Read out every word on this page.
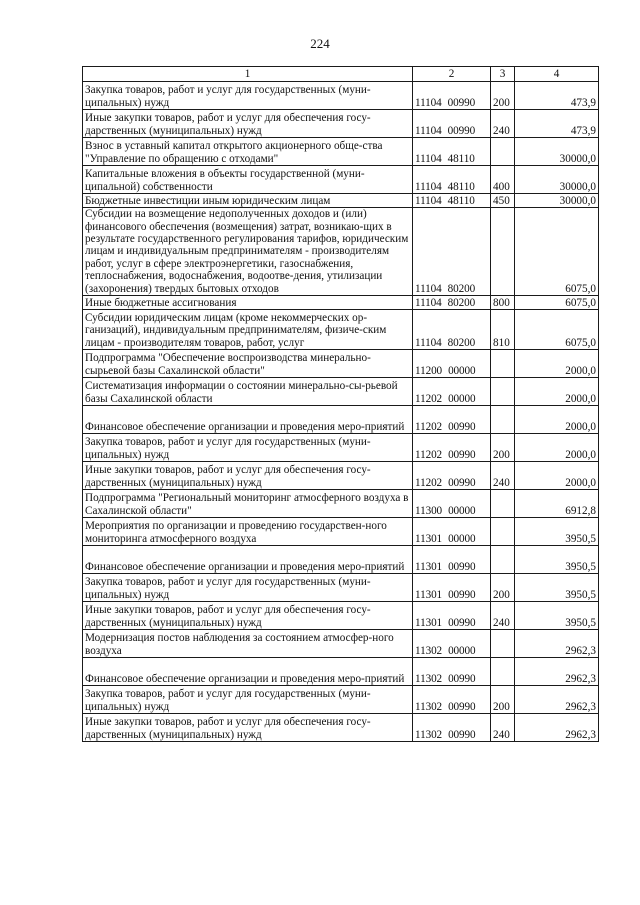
224
1	2	3	4
Закупка товаров, работ и услуг для государственных (муни-ципальных) нужд	11104 00990	200	473,9
Иные закупки товаров, работ и услуг для обеспечения госу-дарственных (муниципальных) нужд	11104 00990	240	473,9
Взнос в уставный капитал открытого акционерного обще-ства "Управление по обращению с отходами"	11104 48110		30000,0
Капитальные вложения в объекты государственной (муни-ципальной) собственности	11104 48110	400	30000,0
Бюджетные инвестиции иным юридическим лицам	11104 48110	450	30000,0
Субсидии на возмещение недополученных доходов и (или) финансового обеспечения (возмещения) затрат, возникаю-щих в результате государственного регулирования тарифов, юридическим лицам и индивидуальным предпринимателям - производителям работ, услуг в сфере электроэнергетики, газоснабжения, теплоснабжения, водоснабжения, водоотве-дения, утилизации (захоронения) твердых бытовых отходов	11104 80200		6075,0
Иные бюджетные ассигнования	11104 80200	800	6075,0
Субсидии юридическим лицам (кроме некоммерческих ор-ганизаций), индивидуальным предпринимателям, физиче-ским лицам - производителям товаров, работ, услуг	11104 80200	810	6075,0
Подпрограмма "Обеспечение воспроизводства минерально-сырьевой базы Сахалинской области"	11200 00000		2000,0
Систематизация информации о состоянии минерально-сы-рьевой базы Сахалинской области	11202 00000		2000,0
Финансовое обеспечение организации и проведения меро-приятий	11202 00990		2000,0
Закупка товаров, работ и услуг для государственных (муни-ципальных) нужд	11202 00990	200	2000,0
Иные закупки товаров, работ и услуг для обеспечения госу-дарственных (муниципальных) нужд	11202 00990	240	2000,0
Подпрограмма "Региональный мониторинг атмосферного воздуха в Сахалинской области"	11300 00000		6912,8
Мероприятия по организации и проведению государствен-ного мониторинга атмосферного воздуха	11301 00000		3950,5
Финансовое обеспечение организации и проведения меро-приятий	11301 00990		3950,5
Закупка товаров, работ и услуг для государственных (муни-ципальных) нужд	11301 00990	200	3950,5
Иные закупки товаров, работ и услуг для обеспечения госу-дарственных (муниципальных) нужд	11301 00990	240	3950,5
Модернизация постов наблюдения за состоянием атмосфер-ного воздуха	11302 00000		2962,3
Финансовое обеспечение организации и проведения меро-приятий	11302 00990		2962,3
Закупка товаров, работ и услуг для государственных (муни-ципальных) нужд	11302 00990	200	2962,3
Иные закупки товаров, работ и услуг для обеспечения госу-дарственных (муниципальных) нужд	11302 00990	240	2962,3
